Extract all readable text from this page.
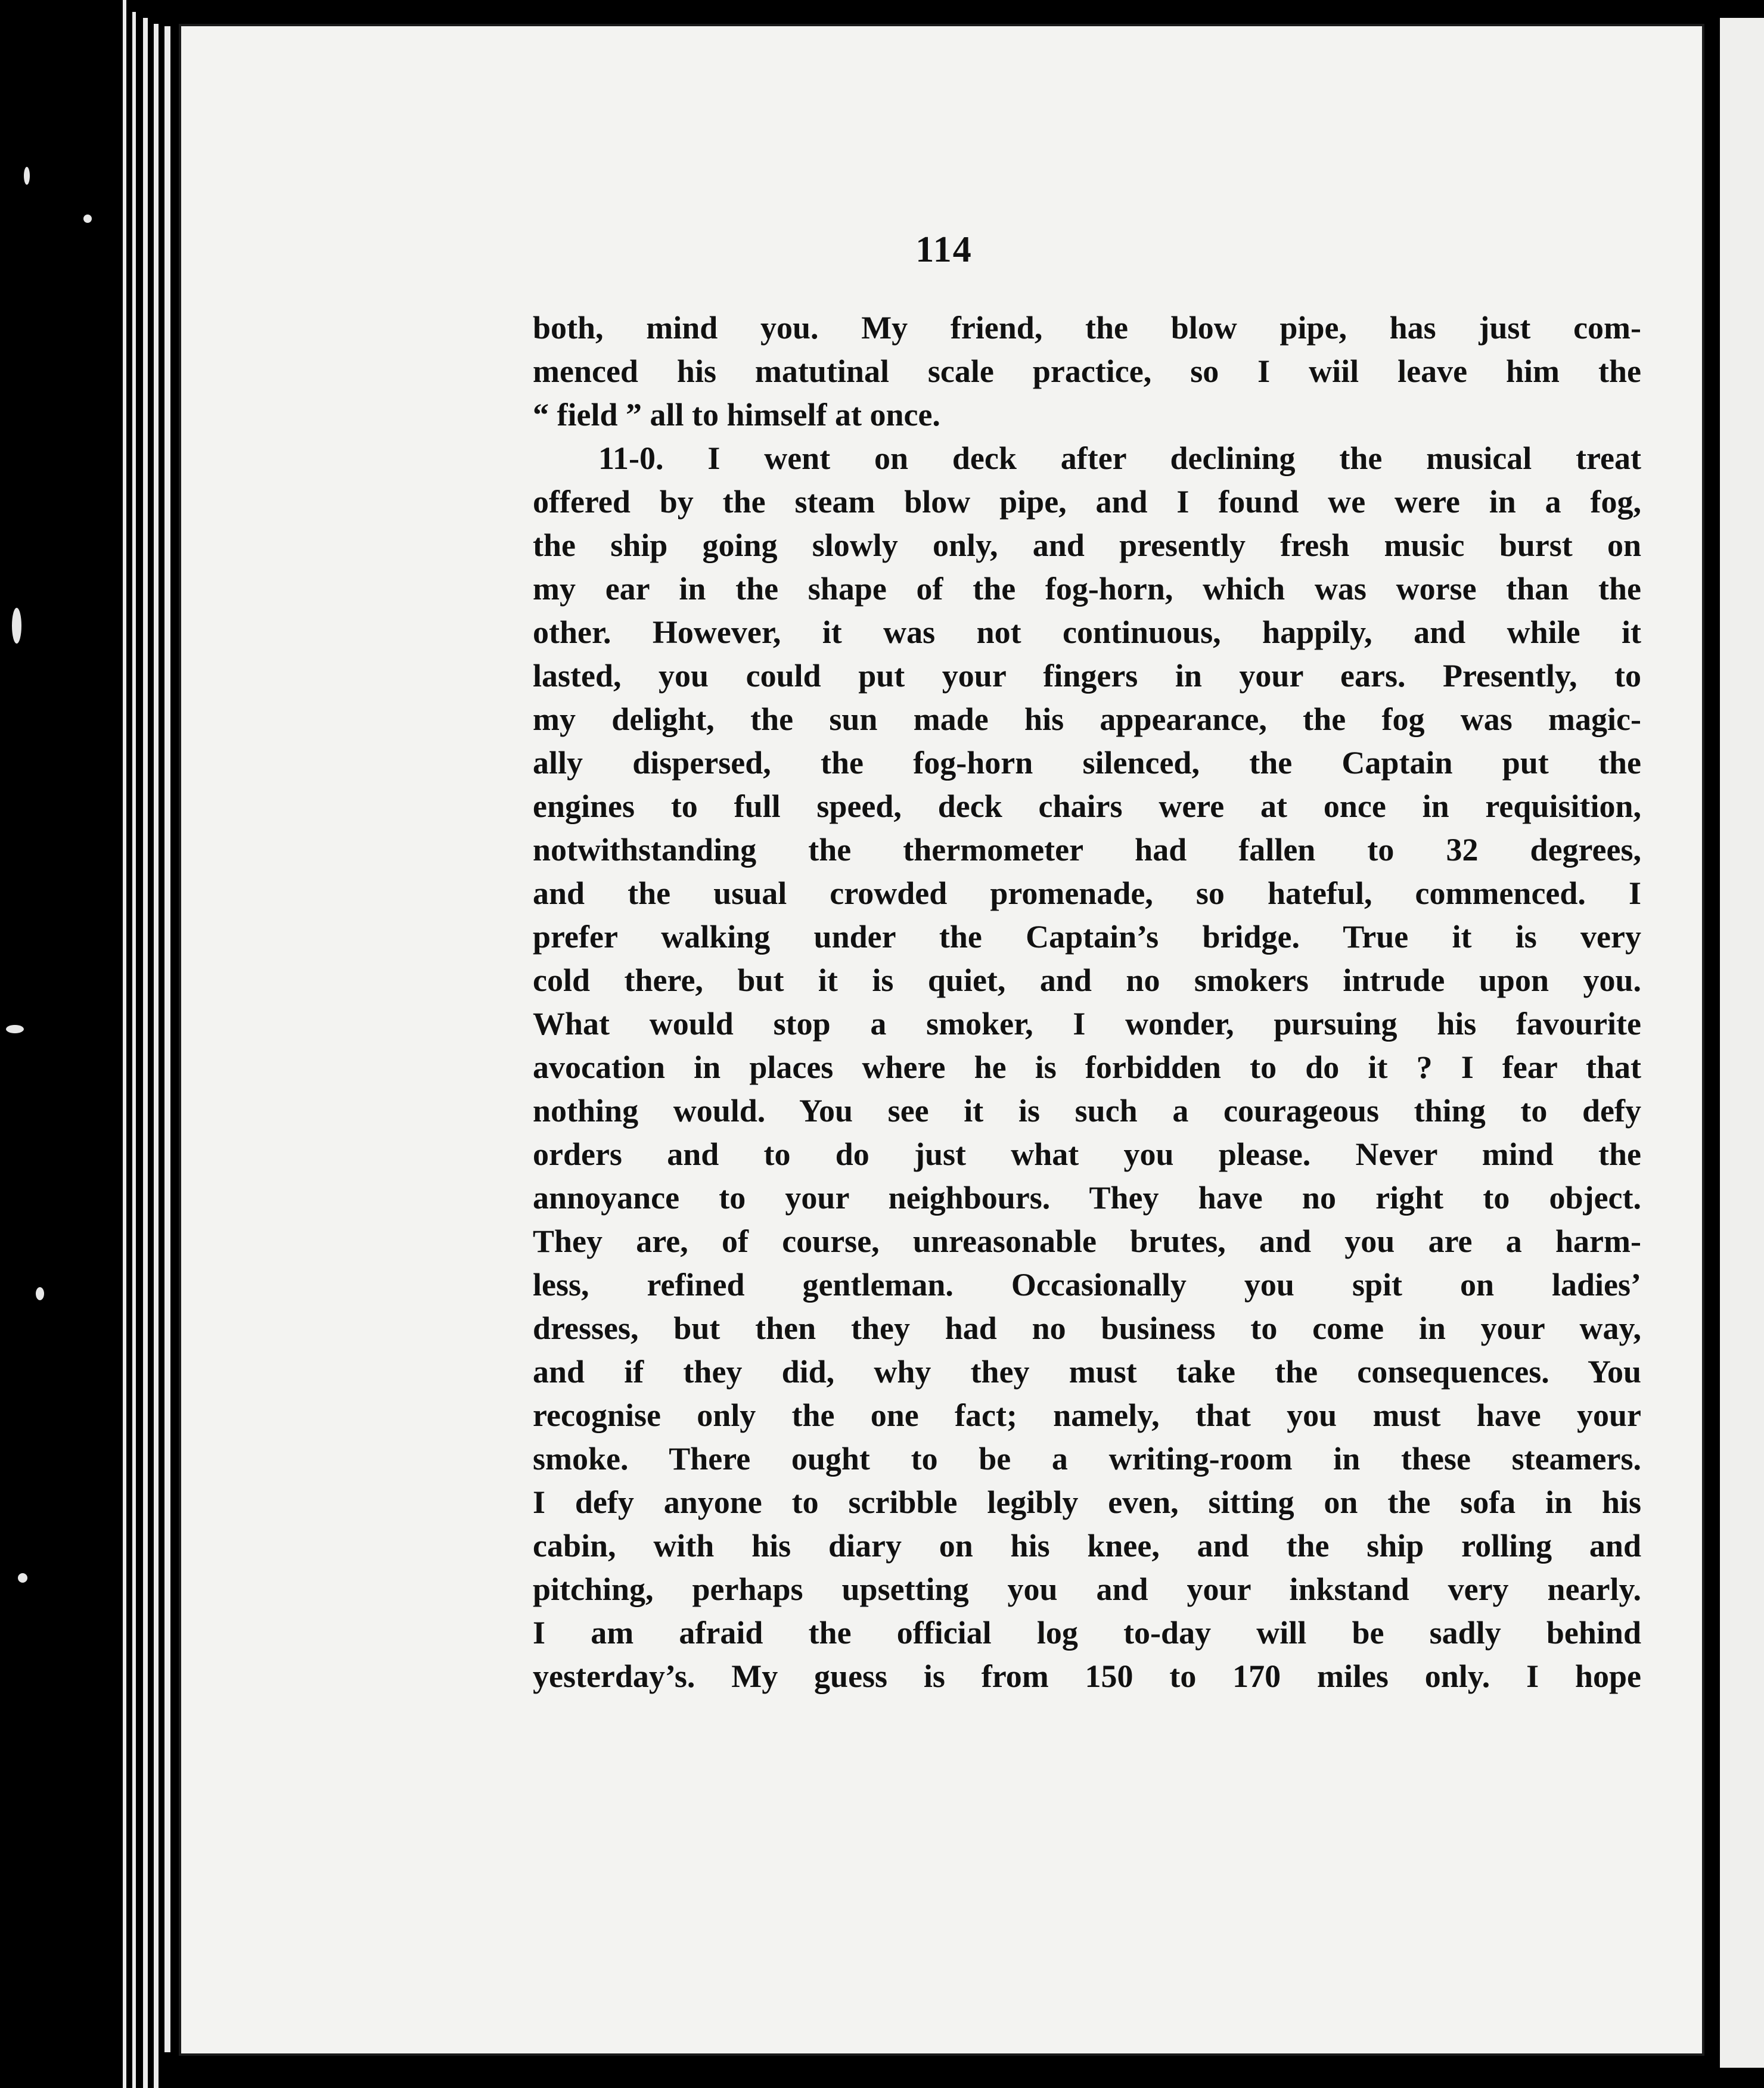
114
both, mind you. My friend, the blow pipe, has just com-
menced his matutinal scale practice, so I wiil leave him the
“ field ” all to himself at once.
11-0. I went on deck after declining the musical treat
offered by the steam blow pipe, and I found we were in a fog,
the ship going slowly only, and presently fresh music burst on
my ear in the shape of the fog-horn, which was worse than the
other. However, it was not continuous, happily, and while it
lasted, you could put your fingers in your ears. Presently, to
my delight, the sun made his appearance, the fog was magic-
ally dispersed, the fog-horn silenced, the Captain put the
engines to full speed, deck chairs were at once in requisition,
notwithstanding the thermometer had fallen to 32 degrees,
and the usual crowded promenade, so hateful, commenced. I
prefer walking under the Captain’s bridge. True it is very
cold there, but it is quiet, and no smokers intrude upon you.
What would stop a smoker, I wonder, pursuing his favourite
avocation in places where he is forbidden to do it ? I fear that
nothing would. You see it is such a courageous thing to defy
orders and to do just what you please. Never mind the
annoyance to your neighbours. They have no right to object.
They are, of course, unreasonable brutes, and you are a harm-
less, refined gentleman. Occasionally you spit on ladies’
dresses, but then they had no business to come in your way,
and if they did, why they must take the consequences. You
recognise only the one fact; namely, that you must have your
smoke. There ought to be a writing-room in these steamers.
I defy anyone to scribble legibly even, sitting on the sofa in his
cabin, with his diary on his knee, and the ship rolling and
pitching, perhaps upsetting you and your inkstand very nearly.
I am afraid the official log to-day will be sadly behind
yesterday’s. My guess is from 150 to 170 miles only. I hope
